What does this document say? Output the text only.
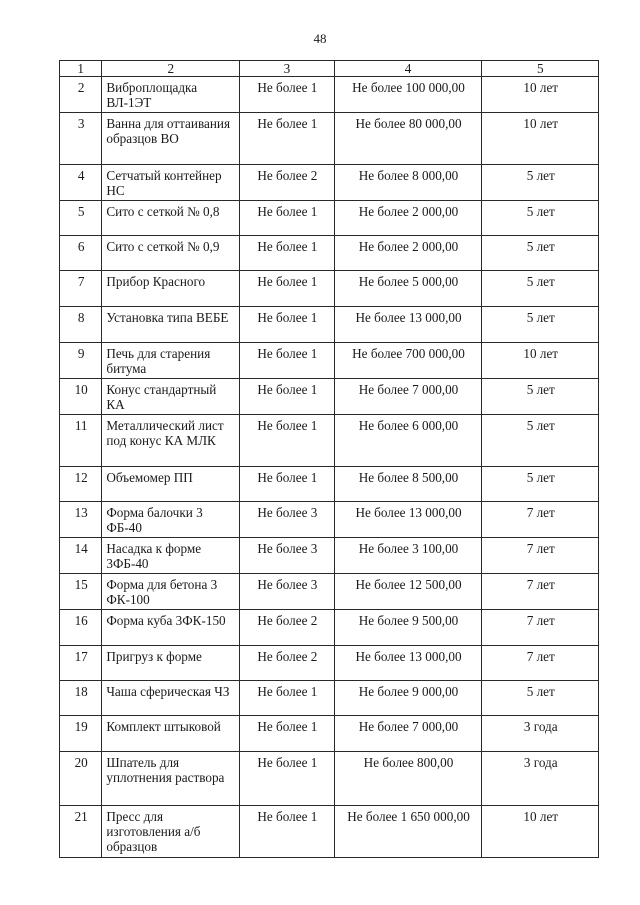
48
1	2	3	4	5
2	Виброплощадка ВЛ-1ЭТ	Не более 1	Не более 100 000,00	10 лет
3	Ванна для оттаивания образцов ВО	Не более 1	Не более 80 000,00	10 лет
4	Сетчатый контейнер НС	Не более 2	Не более 8 000,00	5 лет
5	Сито с сеткой № 0,8	Не более 1	Не более 2 000,00	5 лет
6	Сито с сеткой № 0,9	Не более 1	Не более 2 000,00	5 лет
7	Прибор Красного	Не более 1	Не более 5 000,00	5 лет
8	Установка типа ВЕБЕ	Не более 1	Не более 13 000,00	5 лет
9	Печь для старения битума	Не более 1	Не более 700 000,00	10 лет
10	Конус стандартный КА	Не более 1	Не более 7 000,00	5 лет
11	Металлический лист под конус КА МЛК	Не более 1	Не более 6 000,00	5 лет
12	Объемомер ПП	Не более 1	Не более 8 500,00	5 лет
13	Форма балочки 3 ФБ-40	Не более 3	Не более 13 000,00	7 лет
14	Насадка к форме 3ФБ-40	Не более 3	Не более 3 100,00	7 лет
15	Форма для бетона 3 ФК-100	Не более 3	Не более 12 500,00	7 лет
16	Форма куба 3ФК-150	Не более 2	Не более 9 500,00	7 лет
17	Пригруз к форме	Не более 2	Не более 13 000,00	7 лет
18	Чаша сферическая ЧЗ	Не более 1	Не более 9 000,00	5 лет
19	Комплект штыковой	Не более 1	Не более 7 000,00	3 года
20	Шпатель для уплотнения раствора	Не более 1	Не более 800,00	3 года
21	Пресс для изготовления а/б образцов	Не более 1	Не более 1 650 000,00	10 лет
